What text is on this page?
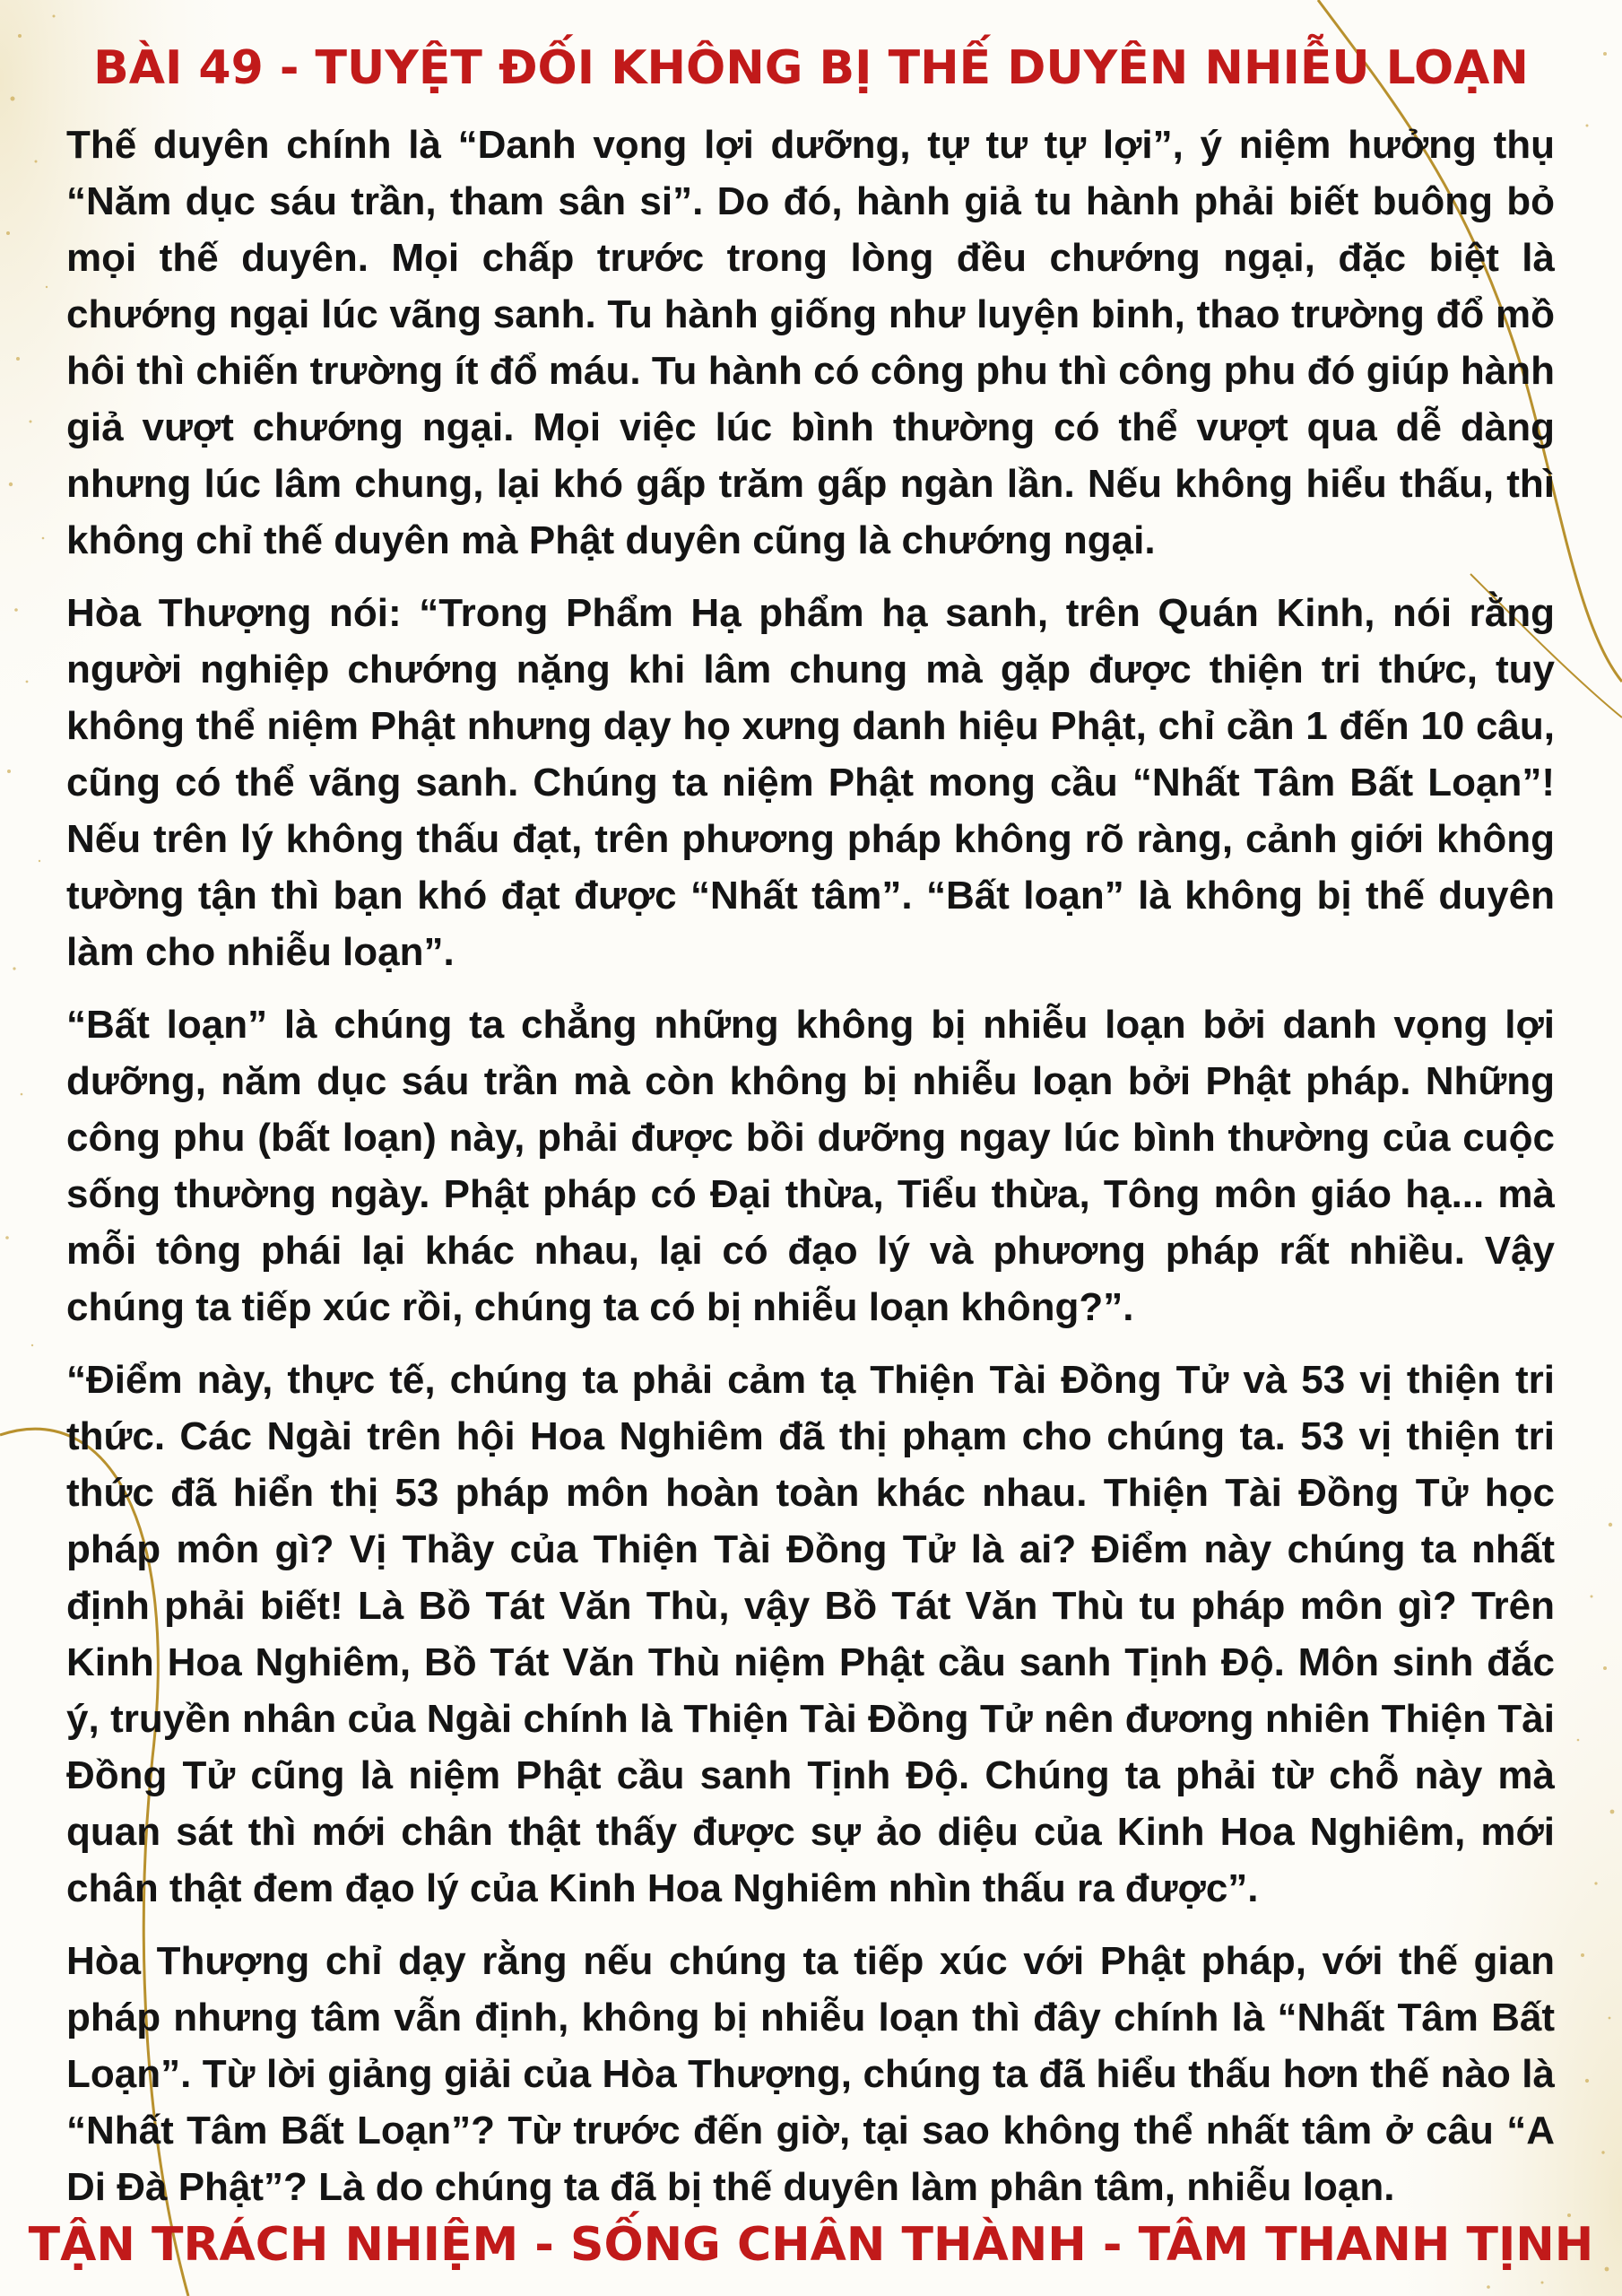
BÀI 49 - TUYỆT ĐỐI KHÔNG BỊ THẾ DUYÊN NHIỄU LOẠN

Thế duyên chính là “Danh vọng lợi dưỡng, tự tư tự lợi”, ý niệm hưởng thụ “Năm dục sáu trần, tham sân si”. Do đó, hành giả tu hành phải biết buông bỏ mọi thế duyên. Mọi chấp trước trong lòng đều chướng ngại, đặc biệt là chướng ngại lúc vãng sanh. Tu hành giống như luyện binh, thao trường đổ mồ hôi thì chiến trường ít đổ máu. Tu hành có công phu thì công phu đó giúp hành giả vượt chướng ngại. Mọi việc lúc bình thường có thể vượt qua dễ dàng nhưng lúc lâm chung, lại khó gấp trăm gấp ngàn lần. Nếu không hiểu thấu, thì không chỉ thế duyên mà Phật duyên cũng là chướng ngại.

Hòa Thượng nói: “Trong Phẩm Hạ phẩm hạ sanh, trên Quán Kinh, nói rằng người nghiệp chướng nặng khi lâm chung mà gặp được thiện tri thức, tuy không thể niệm Phật nhưng dạy họ xưng danh hiệu Phật, chỉ cần 1 đến 10 câu, cũng có thể vãng sanh. Chúng ta niệm Phật mong cầu “Nhất Tâm Bất Loạn”! Nếu trên lý không thấu đạt, trên phương pháp không rõ ràng, cảnh giới không tường tận thì bạn khó đạt được “Nhất tâm”. “Bất loạn” là không bị thế duyên làm cho nhiễu loạn”.

“Bất loạn” là chúng ta chẳng những không bị nhiễu loạn bởi danh vọng lợi dưỡng, năm dục sáu trần mà còn không bị nhiễu loạn bởi Phật pháp. Những công phu (bất loạn) này, phải được bồi dưỡng ngay lúc bình thường của cuộc sống thường ngày. Phật pháp có Đại thừa, Tiểu thừa, Tông môn giáo hạ... mà mỗi tông phái lại khác nhau, lại có đạo lý và phương pháp rất nhiều. Vậy chúng ta tiếp xúc rồi, chúng ta có bị nhiễu loạn không?”.

“Điểm này, thực tế, chúng ta phải cảm tạ Thiện Tài Đồng Tử và 53 vị thiện tri thức. Các Ngài trên hội Hoa Nghiêm đã thị phạm cho chúng ta. 53 vị thiện tri thức đã hiển thị 53 pháp môn hoàn toàn khác nhau. Thiện Tài Đồng Tử học pháp môn gì? Vị Thầy của Thiện Tài Đồng Tử là ai? Điểm này chúng ta nhất định phải biết! Là Bồ Tát Văn Thù, vậy Bồ Tát Văn Thù tu pháp môn gì? Trên Kinh Hoa Nghiêm, Bồ Tát Văn Thù niệm Phật cầu sanh Tịnh Độ. Môn sinh đắc ý, truyền nhân của Ngài chính là Thiện Tài Đồng Tử nên đương nhiên Thiện Tài Đồng Tử cũng là niệm Phật cầu sanh Tịnh Độ. Chúng ta phải từ chỗ này mà quan sát thì mới chân thật thấy được sự ảo diệu của Kinh Hoa Nghiêm, mới chân thật đem đạo lý của Kinh Hoa Nghiêm nhìn thấu ra được”.

Hòa Thượng chỉ dạy rằng nếu chúng ta tiếp xúc với Phật pháp, với thế gian pháp nhưng tâm vẫn định, không bị nhiễu loạn thì đây chính là “Nhất Tâm Bất Loạn”. Từ lời giảng giải của Hòa Thượng, chúng ta đã hiểu thấu hơn thế nào là “Nhất Tâm Bất Loạn”? Từ trước đến giờ, tại sao không thể nhất tâm ở câu “A Di Đà Phật”? Là do chúng ta đã bị thế duyên làm phân tâm, nhiễu loạn.

TẬN TRÁCH NHIỆM - SỐNG CHÂN THÀNH - TÂM THANH TỊNH
